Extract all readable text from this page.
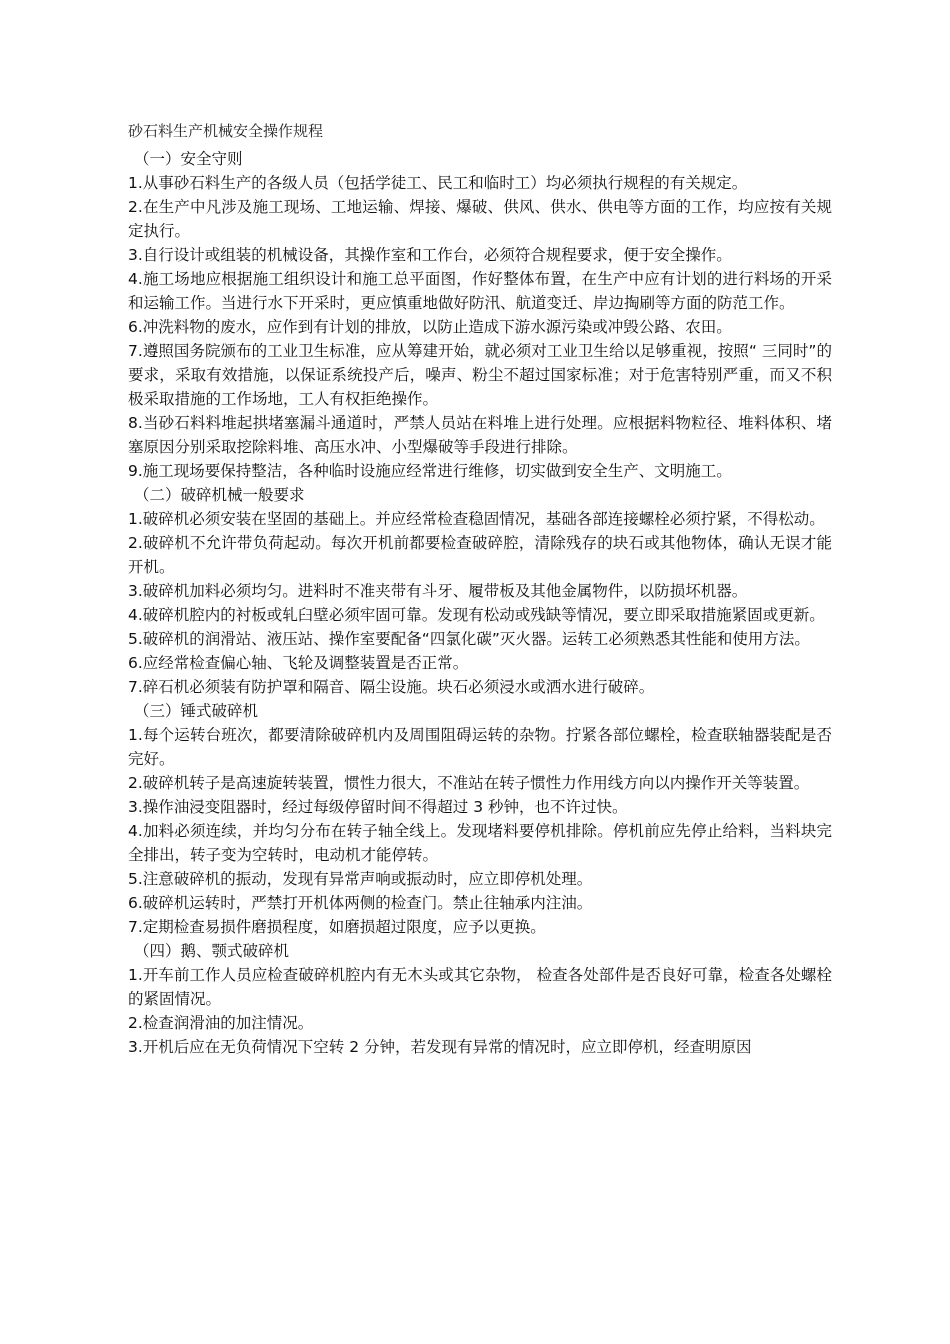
砂石料生产机械安全操作规程
（一）安全守则

1.从事砂石料生产的各级人员（包括学徒工、民工和临时工）均必须执行规程的有关规定。

2.在生产中凡涉及施工现场、工地运输、焊接、爆破、供风、供水、供电等方面的工作，均应按有关规定执行。

3.自行设计或组装的机械设备，其操作室和工作台，必须符合规程要求，便于安全操作。

4.施工场地应根据施工组织设计和施工总平面图，作好整体布置，在生产中应有计划的进行料场的开采和运输工作。当进行水下开采时，更应慎重地做好防汛、航道变迁、岸边掏刷等方面的防范工作。

6.冲洗料物的废水，应作到有计划的排放，以防止造成下游水源污染或冲毁公路、农田。

7.遵照国务院颁布的工业卫生标准，应从筹建开始，就必须对工业卫生给以足够重视，按照“ 三同时”的要求，采取有效措施，以保证系统投产后，噪声、粉尘不超过国家标准；对于危害特别严重，而又不积极采取措施的工作场地，工人有权拒绝操作。

8.当砂石料料堆起拱堵塞漏斗通道时，严禁人员站在料堆上进行处理。应根据料物粒径、堆料体积、堵塞原因分别采取挖除料堆、高压水冲、小型爆破等手段进行排除。

9.施工现场要保持整洁，各种临时设施应经常进行维修，切实做到安全生产、文明施工。

（二）破碎机械一般要求

1.破碎机必须安装在坚固的基础上。并应经常检查稳固情况，基础各部连接螺栓必须拧紧，不得松动。

2.破碎机不允许带负荷起动。每次开机前都要检查破碎腔，清除残存的块石或其他物体，确认无误才能开机。

3.破碎机加料必须均匀。进料时不准夹带有斗牙、履带板及其他金属物件，以防损坏机器。

4.破碎机腔内的衬板或轧臼壁必须牢固可靠。发现有松动或残缺等情况，要立即采取措施紧固或更新。

5.破碎机的润滑站、液压站、操作室要配备“四氯化碳”灭火器。运转工必须熟悉其性能和使用方法。

6.应经常检查偏心轴、飞轮及调整装置是否正常。

7.碎石机必须装有防护罩和隔音、隔尘设施。块石必须浸水或洒水进行破碎。

（三）锤式破碎机

1.每个运转台班次，都要清除破碎机内及周围阻碍运转的杂物。拧紧各部位螺栓，检查联轴器装配是否完好。

2.破碎机转子是高速旋转装置，惯性力很大，不准站在转子惯性力作用线方向以内操作开关等装置。

3.操作油浸变阻器时，经过每级停留时间不得超过 3 秒钟，也不许过快。

4.加料必须连续，并均匀分布在转子轴全线上。发现堵料要停机排除。停机前应先停止给料，当料块完全排出，转子变为空转时，电动机才能停转。

5.注意破碎机的振动，发现有异常声响或振动时，应立即停机处理。

6.破碎机运转时，严禁打开机体两侧的检查门。禁止往轴承内注油。

7.定期检查易损件磨损程度，如磨损超过限度，应予以更换。

（四）鹅、颚式破碎机

1.开车前工作人员应检查破碎机腔内有无木头或其它杂物， 检查各处部件是否良好可靠，检查各处螺栓的紧固情况。

2.检查润滑油的加注情况。

3.开机后应在无负荷情况下空转 2 分钟，若发现有异常的情况时，应立即停机，经查明原因
